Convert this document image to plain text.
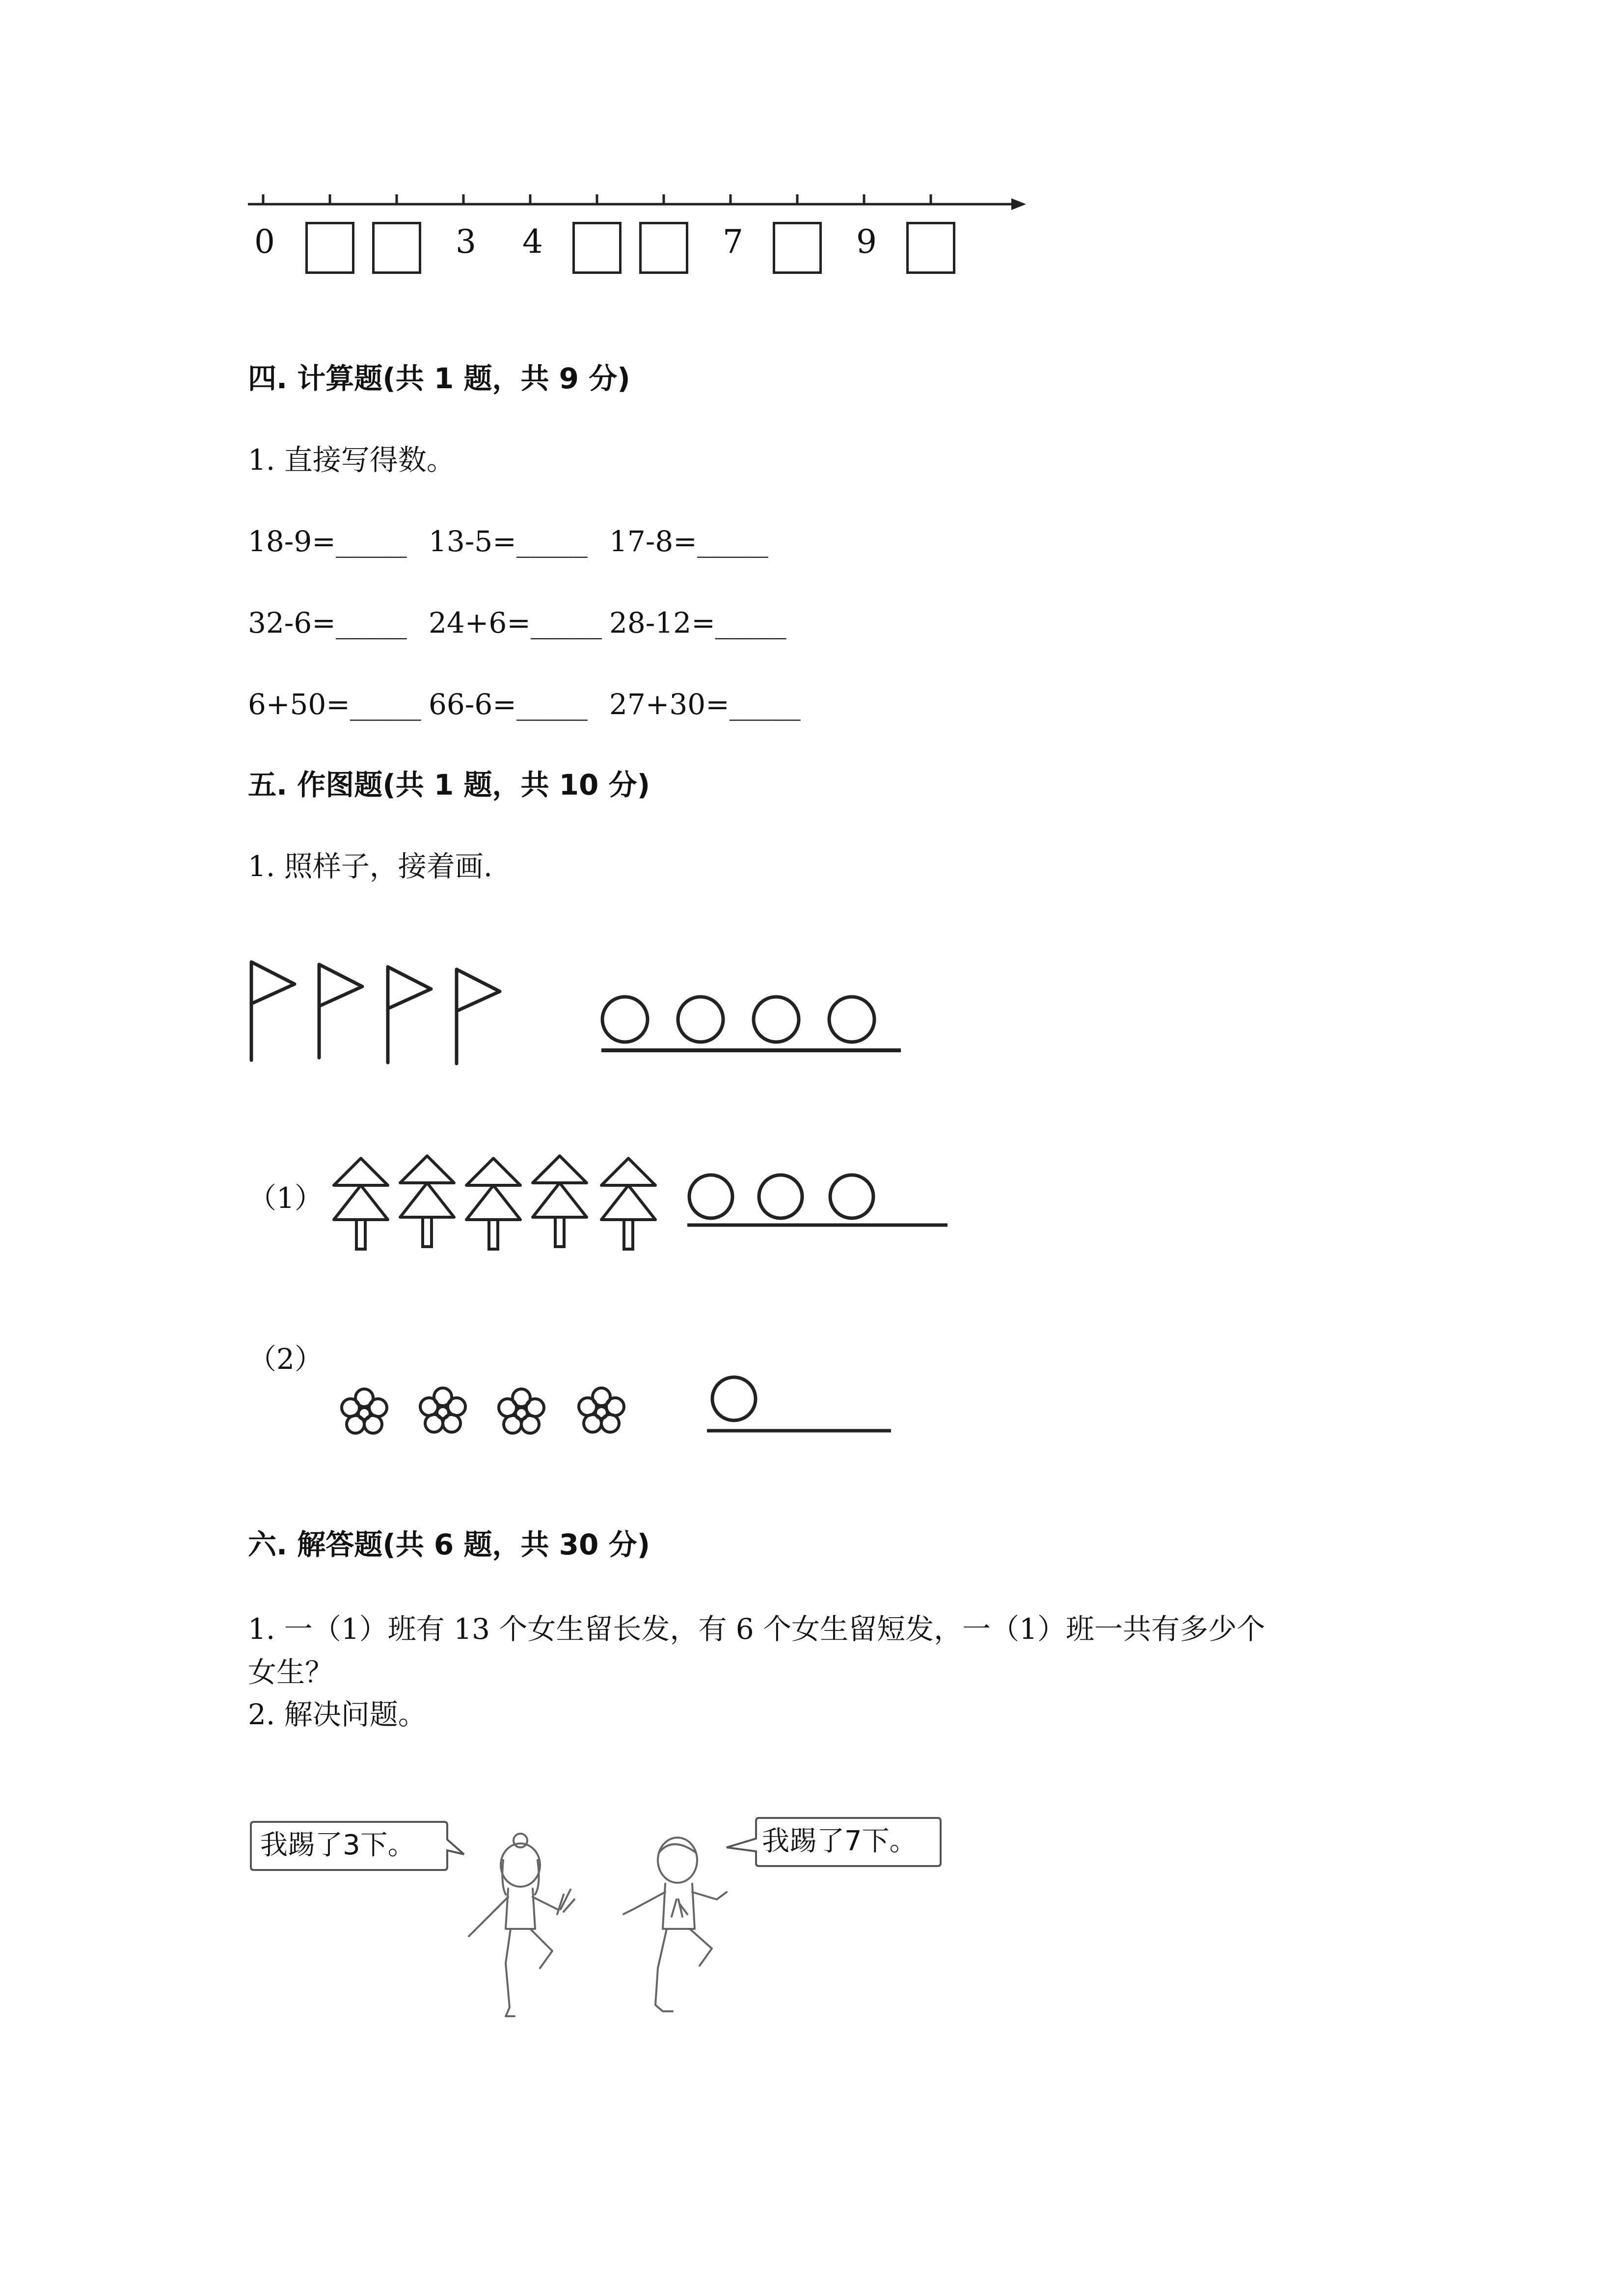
0	3 4	7	9
四. 计算题(共 1 题，共 9 分)
1. 直接写得数。
18-9=_____ 13-5=_____ 17-8=_____
32-6=_____ 24+6=_____ 28-12=_____
6+50=_____ 66-6=_____ 27+30=_____
五. 作图题(共 1 题，共 10 分)
1. 照样子，接着画.
（1）
（2）
六. 解答题(共 6 题，共 30 分)
1. 一（1）班有 13 个女生留长发，有 6 个女生留短发，一（1）班一共有多少个
女生？
2. 解决问题。
我踢了3下。	我踢了7下。
